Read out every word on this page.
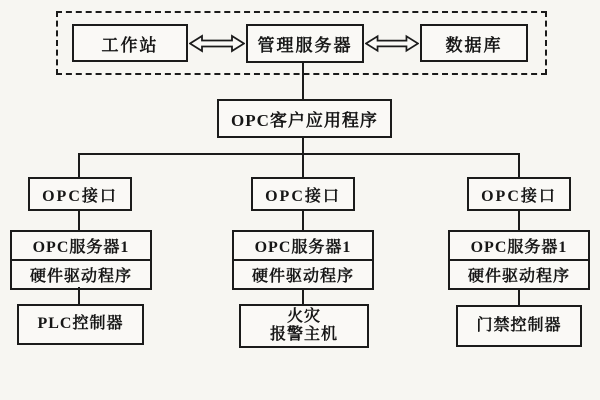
工作站	管理服务器	数据库
OPC客户应用程序
OPC接口
OPC服务器1
硬件驱动程序
PLC控制器
OPC接口
OPC服务器1
硬件驱动程序
火灾
报警主机
OPC接口
OPC服务器1
硬件驱动程序
门禁控制器
